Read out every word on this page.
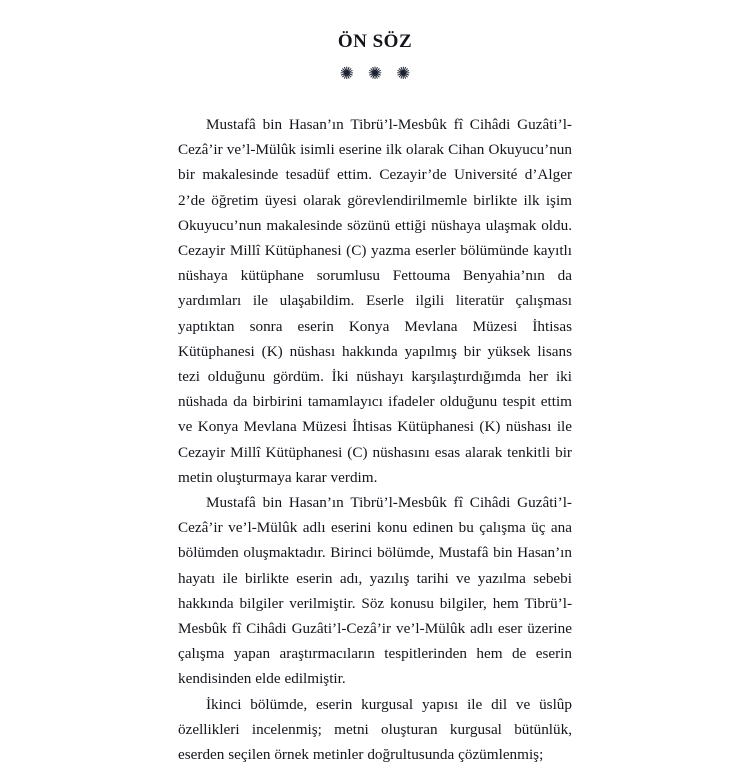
ÖN SÖZ
✺ ✺ ✺

Mustafâ bin Hasan’ın Tibrü’l-Mesbûk fî Cihâdi Guzâti’l-Cezâ’ir ve’l-Mülûk isimli eserine ilk olarak Cihan Okuyucu’nun bir makalesinde tesadüf ettim. Cezayir’de Université d’Alger 2’de öğretim üyesi olarak görevlendirilmemle birlikte ilk işim Okuyucu’nun makalesinde sözünü ettiği nüshaya ulaşmak oldu. Cezayir Millî Kütüphanesi (C) yazma eserler bölümünde kayıtlı nüshaya kütüphane sorumlusu Fettouma Benyahia’nın da yardımları ile ulaşabildim. Eserle ilgili literatür çalışması yaptıktan sonra eserin Konya Mevlana Müzesi İhtisas Kütüphanesi (K) nüshası hakkında yapılmış bir yüksek lisans tezi olduğunu gördüm. İki nüshayı karşılaştırdığımda her iki nüshada da birbirini tamamlayıcı ifadeler olduğunu tespit ettim ve Konya Mevlana Müzesi İhtisas Kütüphanesi (K) nüshası ile Cezayir Millî Kütüphanesi (C) nüshasını esas alarak tenkitli bir metin oluşturmaya karar verdim.

Mustafâ bin Hasan’ın Tibrü’l-Mesbûk fî Cihâdi Guzâti’l-Cezâ’ir ve’l-Mülûk adlı eserini konu edinen bu çalışma üç ana bölümden oluşmaktadır. Birinci bölümde, Mustafâ bin Hasan’ın hayatı ile birlikte eserin adı, yazılış tarihi ve yazılma sebebi hakkında bilgiler verilmiştir. Söz konusu bilgiler, hem Tibrü’l-Mesbûk fî Cihâdi Guzâti’l-Cezâ’ir ve’l-Mülûk adlı eser üzerine çalışma yapan araştırmacıların tespitlerinden hem de eserin kendisinden elde edilmiştir.

İkinci bölümde, eserin kurgusal yapısı ile dil ve üslûp özellikleri incelenmiş; metni oluşturan kurgusal bütünlük, eserden seçilen örnek metinler doğrultusunda çözümlenmiş;
